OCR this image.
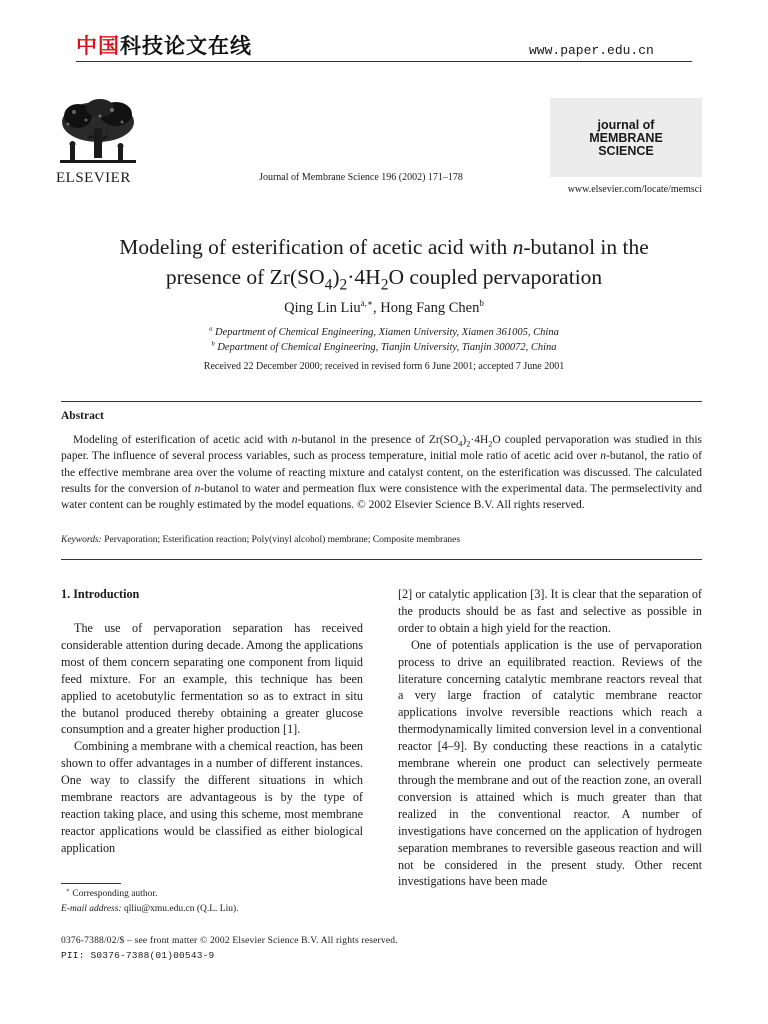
中国科技论文在线	www.paper.edu.cn
ELSEVIER	Journal of Membrane Science 196 (2002) 171–178
journal of
MEMBRANE
SCIENCE
www.elsevier.com/locate/memsci
Modeling of esterification of acetic acid with n-butanol in the
presence of $Zr(SO_4)_2\cdot 4H_2O$ coupled pervaporation
Qing Lin Liu$^{a,∗}$, Hong Fang Chen$^b$
$^a$ Department of Chemical Engineering, Xiamen University, Xiamen 361005, China
$^b$ Department of Chemical Engineering, Tianjin University, Tianjin 300072, China
Received 22 December 2000; received in revised form 6 June 2001; accepted 7 June 2001
Abstract
Modeling of esterification of acetic acid with n-butanol in the presence of $Zr(SO_4)_2\cdot 4H_2O$ coupled pervaporation was studied in this paper. The influence of several process variables, such as process temperature, initial mole ratio of acetic acid over n-butanol, the ratio of the effective membrane area over the volume of reacting mixture and catalyst content, on the esterification was discussed. The calculated results for the conversion of n-butanol to water and permeation flux were consistence with the experimental data. The permselectivity and water content can be roughly estimated by the model equations. © 2002 Elsevier Science B.V. All rights reserved.
Keywords: Pervaporation; Esterification reaction; Poly(vinyl alcohol) membrane; Composite membranes
1. Introduction

The use of pervaporation separation has received considerable attention during decade. Among the applications most of them concern separating one component from liquid feed mixture. For an example, this technique has been applied to acetobutylic fermentation so as to extract in situ the butanol produced thereby obtaining a greater glucose consumption and a greater higher production [1].

Combining a membrane with a chemical reaction, has been shown to offer advantages in a number of different instances. One way to classify the different situations in which membrane reactors are advantageous is by the type of reaction taking place, and using this scheme, most membrane reactor applications would be classified as either biological application

[2] or catalytic application [3]. It is clear that the separation of the products should be as fast and selective as possible in order to obtain a high yield for the reaction.

One of potentials application is the use of pervaporation process to drive an equilibrated reaction. Reviews of the literature concerning catalytic membrane reactors reveal that a very large fraction of catalytic membrane reactor applications involve reversible reactions which reach a thermodynamically limited conversion level in a conventional reactor [4–9]. By conducting these reactions in a catalytic membrane wherein one product can selectively permeate through the membrane and out of the reaction zone, an overall conversion is attained which is much greater than that realized in the conventional reactor. A number of investigations have concerned on the application of hydrogen separation membranes to reversible gaseous reaction and will not be considered in the present study. Other recent investigations have been made

∗ Corresponding author.
E-mail address: qlliu@xmu.edu.cn (Q.L. Liu).
0376-7388/02/$ – see front matter © 2002 Elsevier Science B.V. All rights reserved.
PII: S0376-7388(01)00543-9
